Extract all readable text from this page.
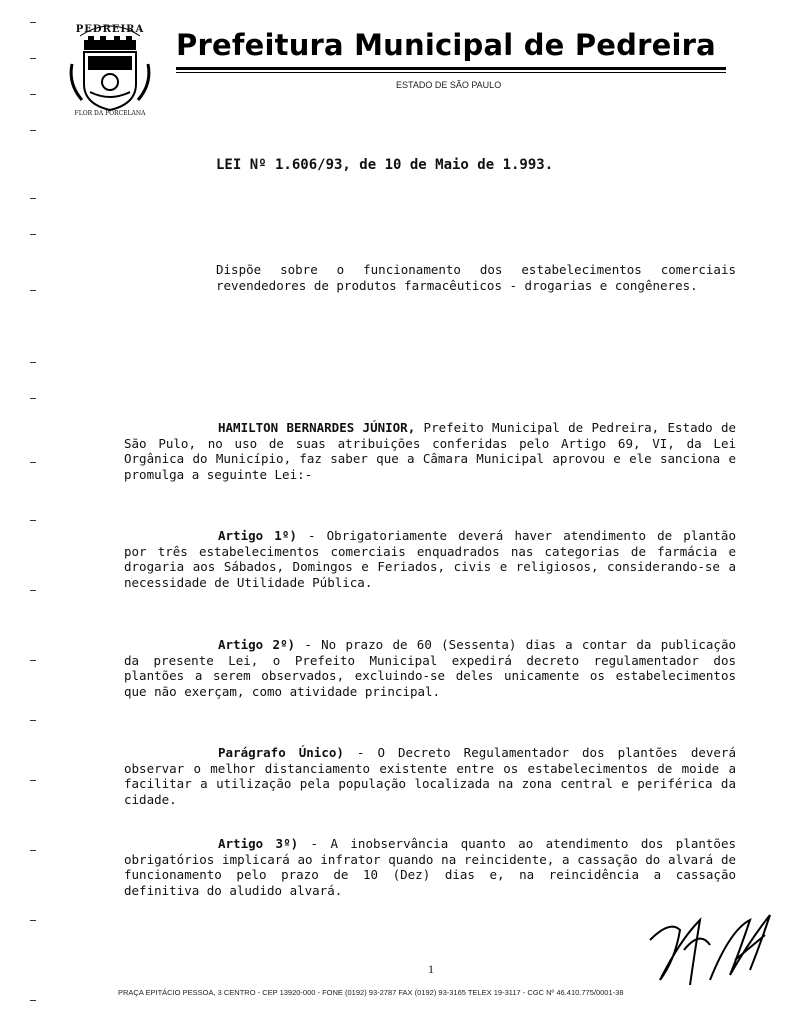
PEDREIRA
FLOR DA PORCELANA
Prefeitura Municipal de Pedreira
ESTADO DE SÃO PAULO
LEI Nº 1.606/93, de 10 de Maio de 1.993.
Dispõe sobre o funcionamento dos estabelecimentos comerciais revendedores de produtos farmacêuticos - drogarias e congêneres.
HAMILTON BERNARDES JÚNIOR, Prefeito Municipal de Pedreira, Estado de São Pulo, no uso de suas atribuições conferidas pelo Artigo 69, VI, da Lei Orgânica do Município, faz saber que a Câmara Municipal aprovou e ele sanciona e promulga a seguinte Lei:-
Artigo 1º) - Obrigatoriamente deverá haver atendimento de plantão por três estabelecimentos comerciais enquadrados nas categorias de farmácia e drogaria aos Sábados, Domingos e Feriados, civis e religiosos, considerando-se a necessidade de Utilidade Pública.
Artigo 2º) - No prazo de 60 (Sessenta) dias a contar da publicação da presente Lei, o Prefeito Municipal expedirá decreto regulamentador dos plantões a serem observados, excluindo-se deles unicamente os estabelecimentos que não exerçam, como atividade principal.
Parágrafo Único) - O Decreto Regulamentador dos plantões deverá observar o melhor distanciamento existente entre os estabelecimentos de moide a facilitar a utilização pela população localizada na zona central e periférica da cidade.
Artigo 3º) - A inobservância quanto ao atendimento dos plantões obrigatórios implicará ao infrator quando na reincidente, a cassação do alvará de funcionamento pelo prazo de 10 (Dez) dias e, na reincidência a cassação definitiva do aludido alvará.
1
PRAÇA EPITÁCIO PESSOA, 3 CENTRO - CEP 13920-000 - FONE (0192) 93-2787 FAX (0192) 93-3165 TELEX 19-3117 - CGC Nº 46.410.775/0001-38
